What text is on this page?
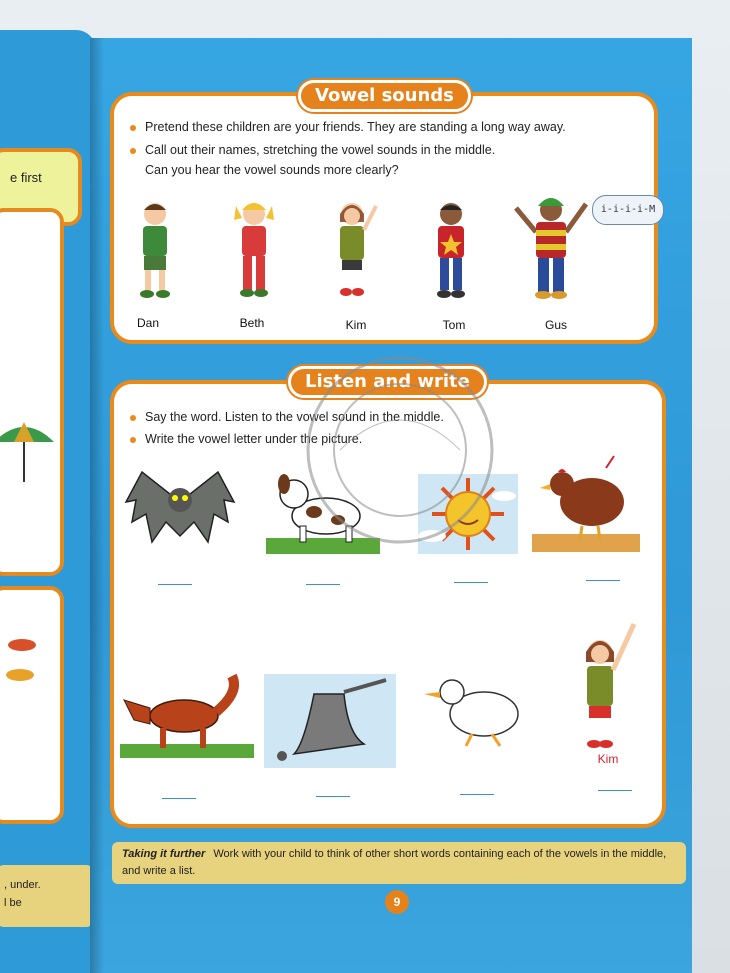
e first
, under.
l be
Vowel sounds
Pretend these children are your friends. They are standing a long way away.
Call out their names, stretching the vowel sounds in the middle.
Can you hear the vowel sounds more clearly?
i-i-i-i-M
Dan	Beth	Kim	Tom	Gus
Listen and write
Say the word. Listen to the vowel sound in the middle.
Write the vowel letter under the picture.
Kim
Taking it further Work with your child to think of other short words containing each of the vowels in the middle,
and write a list.
9
